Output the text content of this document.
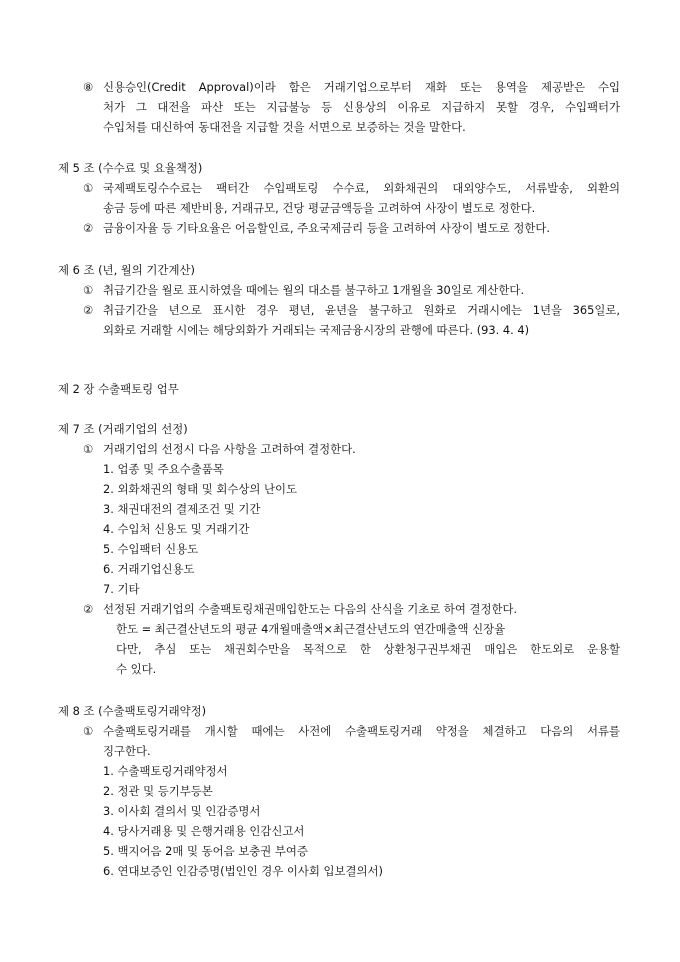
⑧ 신용승인(Credit Approval)이라 함은 거래기업으로부터 재화 또는 용역을 제공받은 수입
처가 그 대전을 파산 또는 지급불능 등 신용상의 이유로 지급하지 못할 경우, 수입팩터가
수입처를 대신하여 동대전을 지급할 것을 서면으로 보증하는 것을 말한다.
제 5 조 (수수료 및 요율책정)
① 국제팩토링수수료는 팩터간 수입팩토링 수수료, 외화채권의 대외양수도, 서류발송, 외환의
송금 등에 따른 제반비용, 거래규모, 건당 평균금액등을 고려하여 사장이 별도로 정한다.
② 금융이자율 등 기타요율은 어음할인료, 주요국제금리 등을 고려하여 사장이 별도로 정한다.
제 6 조 (년, 월의 기간계산)
① 취급기간을 월로 표시하였을 때에는 월의 대소를 불구하고 1개월을 30일로 계산한다.
② 취급기간을 년으로 표시한 경우 평년, 윤년을 불구하고 원화로 거래시에는 1년을 365일로,
외화로 거래할 시에는 해당외화가 거래되는 국제금융시장의 관행에 따른다. (93. 4. 4)
제 2 장 수출팩토링 업무
제 7 조 (거래기업의 선정)
① 거래기업의 선정시 다음 사항을 고려하여 결정한다.
1. 업종 및 주요수출품목
2. 외화채권의 형태 및 회수상의 난이도
3. 채권대전의 결제조건 및 기간
4. 수입처 신용도 및 거래기간
5. 수입팩터 신용도
6. 거래기업신용도
7. 기타
② 선정된 거래기업의 수출팩토링채권매입한도는 다음의 산식을 기초로 하여 결정한다.
한도 = 최근결산년도의 평균 4개월매출액×최근결산년도의 연간매출액 신장율
다만, 추심 또는 채권회수만을 목적으로 한 상환청구권부채권 매입은 한도외로 운용할
수 있다.
제 8 조 (수출팩토링거래약정)
① 수출팩토링거래를 개시할 때에는 사전에 수출팩토링거래 약정을 체결하고 다음의 서류를
징구한다.
1. 수출팩토링거래약정서
2. 정관 및 등기부등본
3. 이사회 결의서 및 인감증명서
4. 당사거래용 및 은행거래용 인감신고서
5. 백지어음 2매 및 동어음 보충권 부여증
6. 연대보증인 인감증명(법인인 경우 이사회 입보결의서)
